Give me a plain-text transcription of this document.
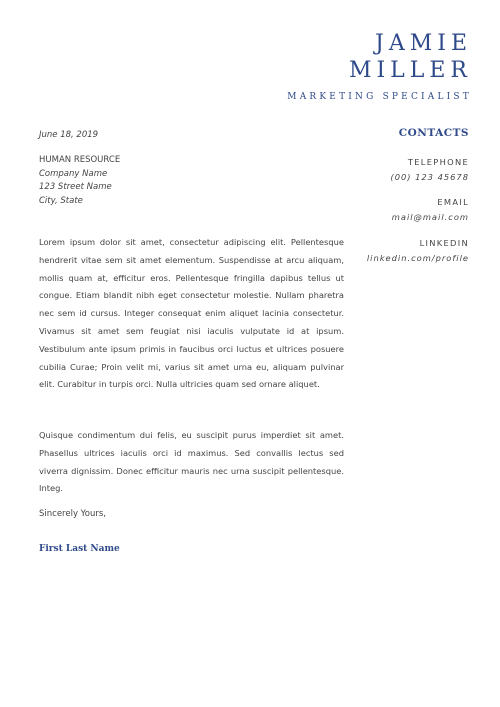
JAMIE
MILLER
MARKETING SPECIALIST
June 18, 2019
HUMAN RESOURCE
Company Name
123 Street Name
City, State
Lorem ipsum dolor sit amet, consectetur adipiscing elit. Pellentesque hendrerit vitae sem sit amet elementum. Suspendisse at arcu aliquam, mollis quam at, efficitur eros. Pellentesque fringilla dapibus tellus ut congue. Etiam blandit nibh eget consectetur molestie. Nullam pharetra nec sem id cursus. Integer consequat enim aliquet lacinia consectetur. Vivamus sit amet sem feugiat nisi iaculis vulputate id at ipsum. Vestibulum ante ipsum primis in faucibus orci luctus et ultrices posuere cubilia Curae; Proin velit mi, varius sit amet urna eu, aliquam pulvinar elit. Curabitur in turpis orci. Nulla ultricies quam sed ornare aliquet.
Quisque condimentum dui felis, eu suscipit purus imperdiet sit amet. Phasellus ultrices iaculis orci id maximus. Sed convallis lectus sed viverra dignissim. Donec efficitur mauris nec urna suscipit pellentesque. Integ.
Sincerely Yours,
First Last Name
CONTACTS
TELEPHONE
(00) 123 45678
EMAIL
mail@mail.com
LINKEDIN
linkedin.com/profile
